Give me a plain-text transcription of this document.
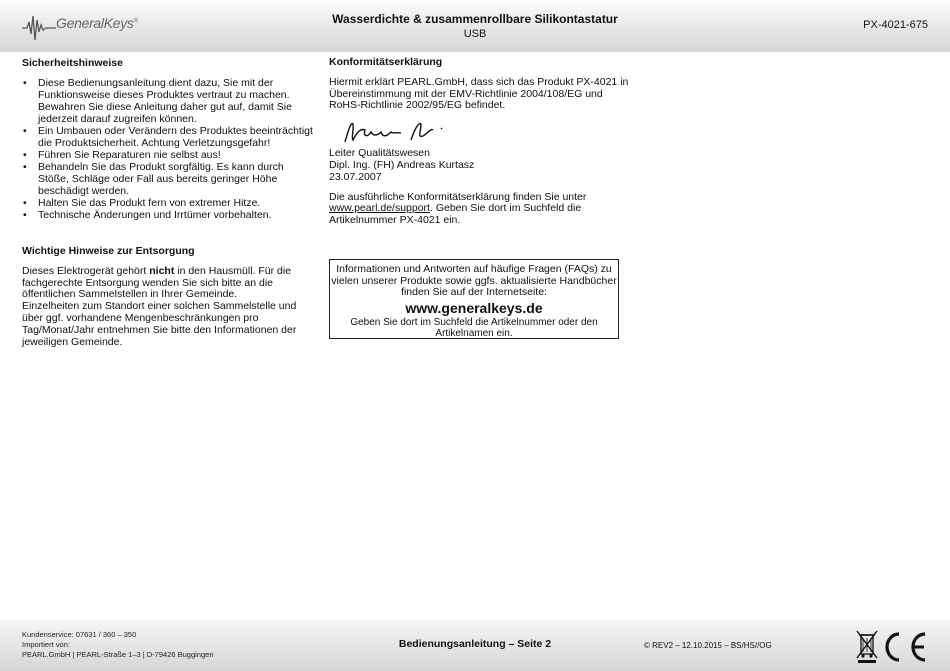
GeneralKeys®	Wasserdichte & zusammenrollbare Silikontastatur
USB
PX-4021-675
Sicherheitshinweise
• Diese Bedienungsanleitung dient dazu, Sie mit der Funktionsweise dieses Produktes vertraut zu machen. Bewahren Sie diese Anleitung daher gut auf, damit Sie jederzeit darauf zugreifen können.
• Ein Umbauen oder Verändern des Produktes beeinträchtigt die Produktsicherheit. Achtung Verletzungsgefahr!
• Führen Sie Reparaturen nie selbst aus!
• Behandeln Sie das Produkt sorgfältig. Es kann durch Stöße, Schläge oder Fall aus bereits geringer Höhe beschädigt werden.
• Halten Sie das Produkt fern von extremer Hitze.
• Technische Änderungen und Irrtümer vorbehalten.
Wichtige Hinweise zur Entsorgung

Dieses Elektrogerät gehört nicht in den Hausmüll. Für die fachgerechte Entsorgung wenden Sie sich bitte an die öffentlichen Sammelstellen in Ihrer Gemeinde.
Einzelheiten zum Standort einer solchen Sammelstelle und über ggf. vorhandene Mengenbeschränkungen pro Tag/Monat/Jahr entnehmen Sie bitte den Informationen der jeweiligen Gemeinde.

Konformitätserklärung

Hiermit erklärt PEARL.GmbH, dass sich das Produkt PX-4021 in Übereinstimmung mit der EMV-Richtlinie 2004/108/EG und RoHS-Richtlinie 2002/95/EG befindet.

Leiter Qualitätswesen
Dipl. Ing. (FH) Andreas Kurtasz
23.07.2007

Die ausführliche Konformitätserklärung finden Sie unter www.pearl.de/support. Geben Sie dort im Suchfeld die Artikelnummer PX-4021 ein.

Informationen und Antworten auf häufige Fragen (FAQs) zu vielen unserer Produkte sowie ggfs. aktualisierte Handbücher finden Sie auf der Internetseite:
www.generalkeys.de
Geben Sie dort im Suchfeld die Artikelnummer oder den Artikelnamen ein.
Kundenservice: 07631 / 360 – 350
Importiert von:
PEARL.GmbH | PEARL-Straße 1–3 | D-79426 Buggingen
Bedienungsanleitung – Seite 2	© REV2 – 12.10.2015 – BS/HS//OG
